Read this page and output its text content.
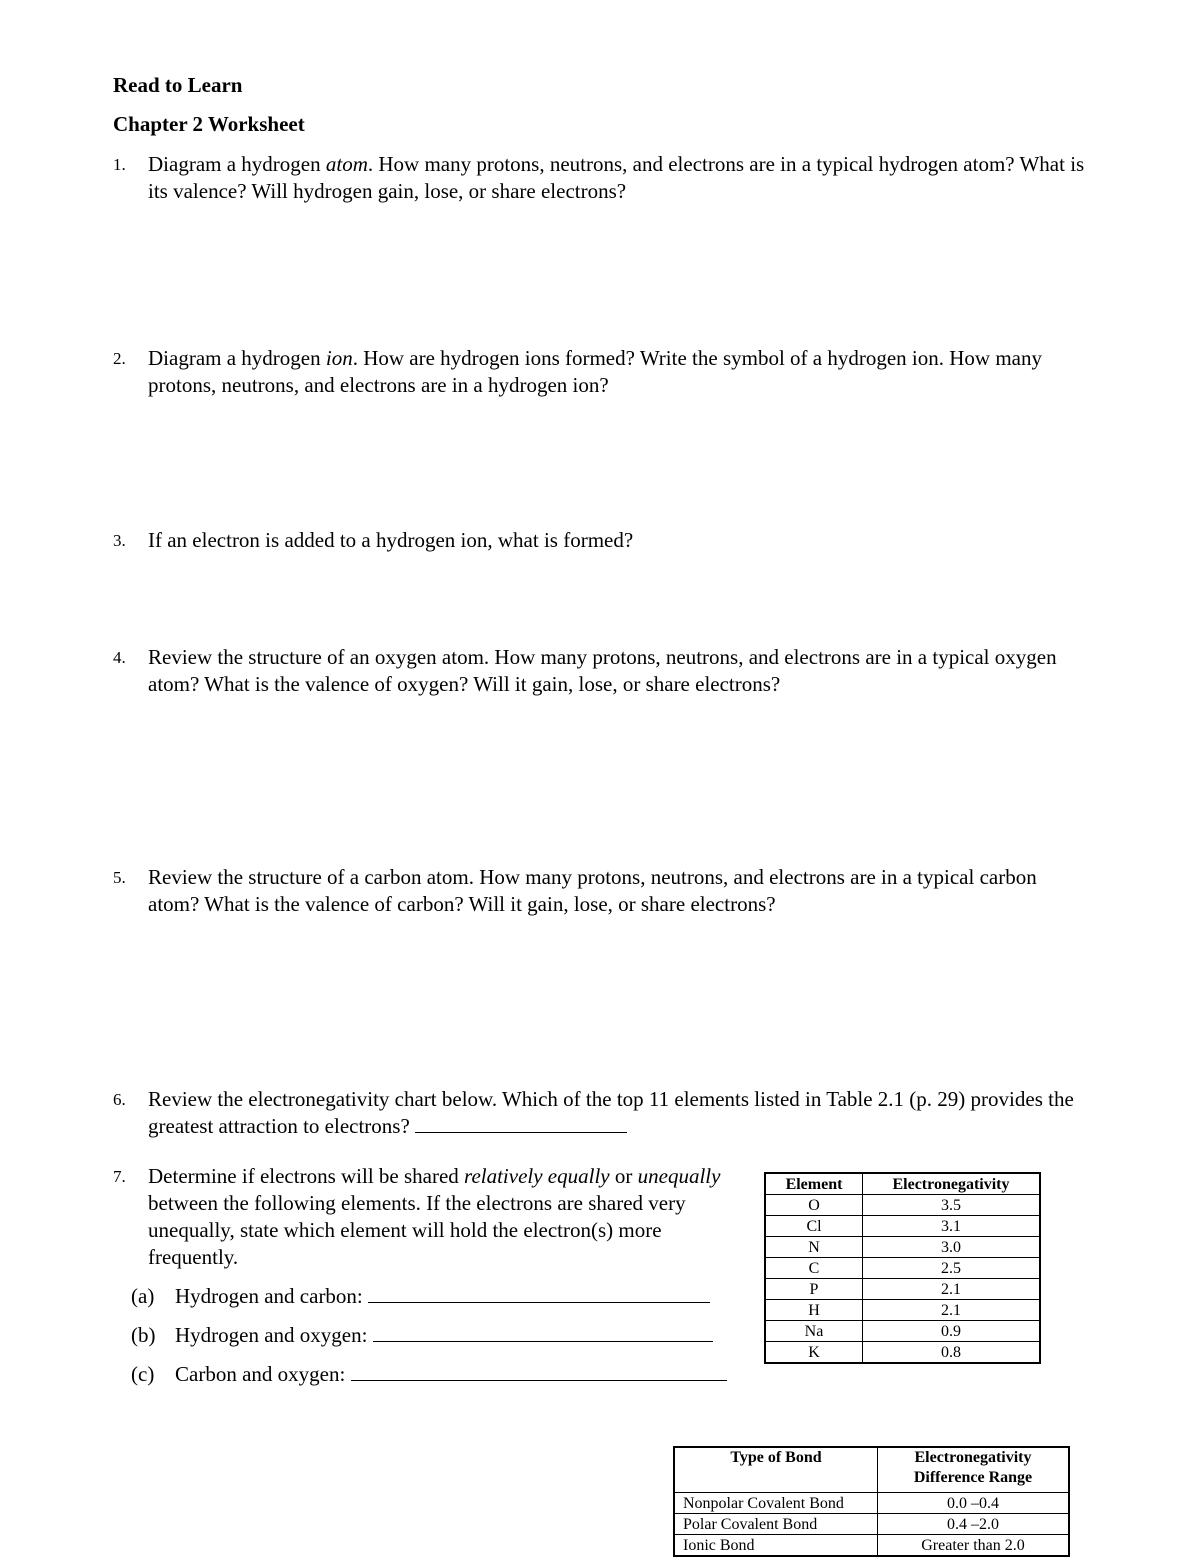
Read to Learn
Chapter 2 Worksheet
1. Diagram a hydrogen atom. How many protons, neutrons, and electrons are in a typical hydrogen atom? What is its valence? Will hydrogen gain, lose, or share electrons?
2. Diagram a hydrogen ion. How are hydrogen ions formed? Write the symbol of a hydrogen ion. How many protons, neutrons, and electrons are in a hydrogen ion?
3. If an electron is added to a hydrogen ion, what is formed?
4. Review the structure of an oxygen atom. How many protons, neutrons, and electrons are in a typical oxygen atom? What is the valence of oxygen? Will it gain, lose, or share electrons?
5. Review the structure of a carbon atom. How many protons, neutrons, and electrons are in a typical carbon atom? What is the valence of carbon? Will it gain, lose, or share electrons?
6. Review the electronegativity chart below. Which of the top 11 elements listed in Table 2.1 (p. 29) provides the greatest attraction to electrons?
7. Determine if electrons will be shared relatively equally or unequally between the following elements. If the electrons are shared very unequally, state which element will hold the electron(s) more frequently.
(a) Hydrogen and carbon:
(b) Hydrogen and oxygen:
(c) Carbon and oxygen:
Element	Electronegativity
O	3.5
Cl	3.1
N	3.0
C	2.5
P	2.1
H	2.1
Na	0.9
K	0.8
Type of Bond	Electronegativity Difference Range
Nonpolar Covalent Bond	0.0 –0.4
Polar Covalent Bond	0.4 –2.0
Ionic Bond	Greater than 2.0
